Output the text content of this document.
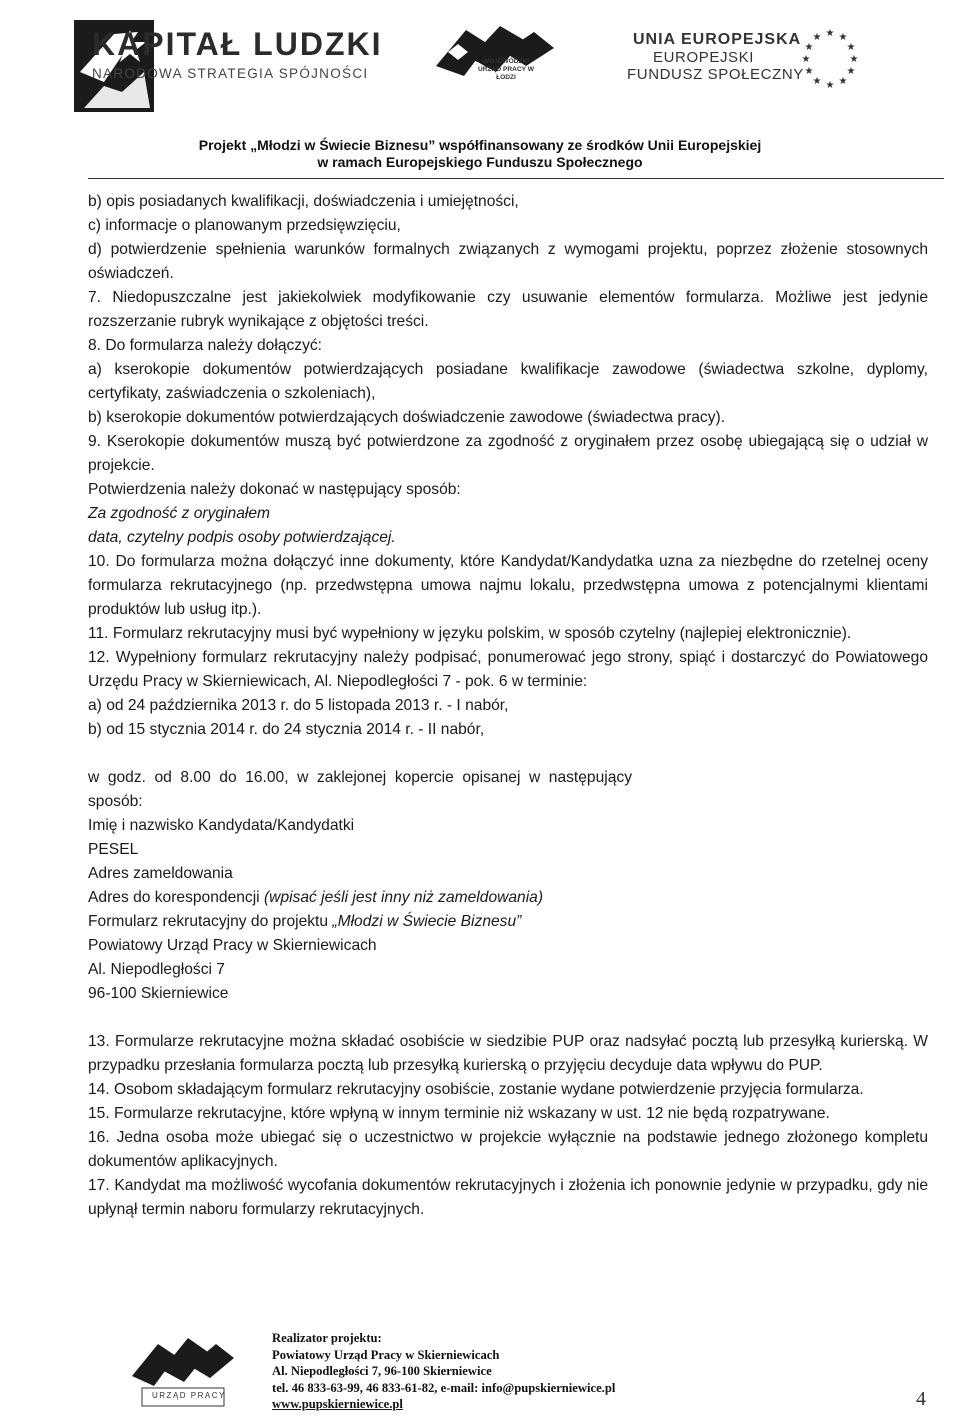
KAPITAŁ LUDZKI
NARODOWA STRATEGIA SPÓJNOŚCI
WOJEWÓDZKI URZĄD PRACY W ŁODZI
UNIA EUROPEJSKA
EUROPEJSKI
FUNDUSZ SPOŁECZNY
★ ★
★
★
★
★
★
★
★
★
★
★
Projekt „Młodzi w Świecie Biznesu” współfinansowany ze środków Unii Europejskiej
w ramach Europejskiego Funduszu Społecznego
b) opis posiadanych kwalifikacji, doświadczenia i umiejętności,
c) informacje o planowanym przedsięwzięciu,
d) potwierdzenie spełnienia warunków formalnych związanych z wymogami projektu, poprzez złożenie stosownych oświadczeń.
7. Niedopuszczalne jest jakiekolwiek modyfikowanie czy usuwanie elementów formularza. Możliwe jest jedynie rozszerzanie rubryk wynikające z objętości treści.
8. Do formularza należy dołączyć:
a) kserokopie dokumentów potwierdzających posiadane kwalifikacje zawodowe (świadectwa szkolne, dyplomy, certyfikaty, zaświadczenia o szkoleniach),
b) kserokopie dokumentów potwierdzających doświadczenie zawodowe (świadectwa pracy).
9. Kserokopie dokumentów muszą być potwierdzone za zgodność z oryginałem przez osobę ubiegającą się o udział w projekcie.
Potwierdzenia należy dokonać w następujący sposób:
Za zgodność z oryginałem
data, czytelny podpis osoby potwierdzającej.
10. Do formularza można dołączyć inne dokumenty, które Kandydat/Kandydatka uzna za niezbędne do rzetelnej oceny formularza rekrutacyjnego (np. przedwstępna umowa najmu lokalu, przedwstępna umowa z potencjalnymi klientami produktów lub usług itp.).
11. Formularz rekrutacyjny musi być wypełniony w języku polskim, w sposób czytelny (najlepiej elektronicznie).
12. Wypełniony formularz rekrutacyjny należy podpisać, ponumerować jego strony, spiąć i dostarczyć do Powiatowego Urzędu Pracy w Skierniewicach, Al. Niepodległości 7 - pok. 6 w terminie:
a) od 24 października 2013 r. do 5 listopada 2013 r. - I nabór,
b) od 15 stycznia 2014 r. do 24 stycznia 2014 r. - II nabór,
w godz. od 8.00 do 16.00, w zaklejonej kopercie opisanej w następujący sposób:
Imię i nazwisko Kandydata/Kandydatki
PESEL
Adres zameldowania
Adres do korespondencji (wpisać jeśli jest inny niż zameldowania)
Formularz rekrutacyjny do projektu „Młodzi w Świecie Biznesu”
Powiatowy Urząd Pracy w Skierniewicach
Al. Niepodległości 7
96-100 Skierniewice
13. Formularze rekrutacyjne można składać osobiście w siedzibie PUP oraz nadsyłać pocztą lub przesyłką kurierską. W przypadku przesłania formularza pocztą lub przesyłką kurierską o przyjęciu decyduje data wpływu do PUP.
14. Osobom składającym formularz rekrutacyjny osobiście, zostanie wydane potwierdzenie przyjęcia formularza.
15. Formularze rekrutacyjne, które wpłyną w innym terminie niż wskazany w ust. 12 nie będą rozpatrywane.
16. Jedna osoba może ubiegać się o uczestnictwo w projekcie wyłącznie na podstawie jednego złożonego kompletu dokumentów aplikacyjnych.
17. Kandydat ma możliwość wycofania dokumentów rekrutacyjnych i złożenia ich ponownie jedynie w przypadku, gdy nie upłynął termin naboru formularzy rekrutacyjnych.
URZĄD PRACY
Realizator projektu:
Powiatowy Urząd Pracy w Skierniewicach
Al. Niepodległości 7, 96-100 Skierniewice
tel. 46 833-63-99, 46 833-61-82, e-mail: info@pupskierniewice.pl
www.pupskierniewice.pl	4
